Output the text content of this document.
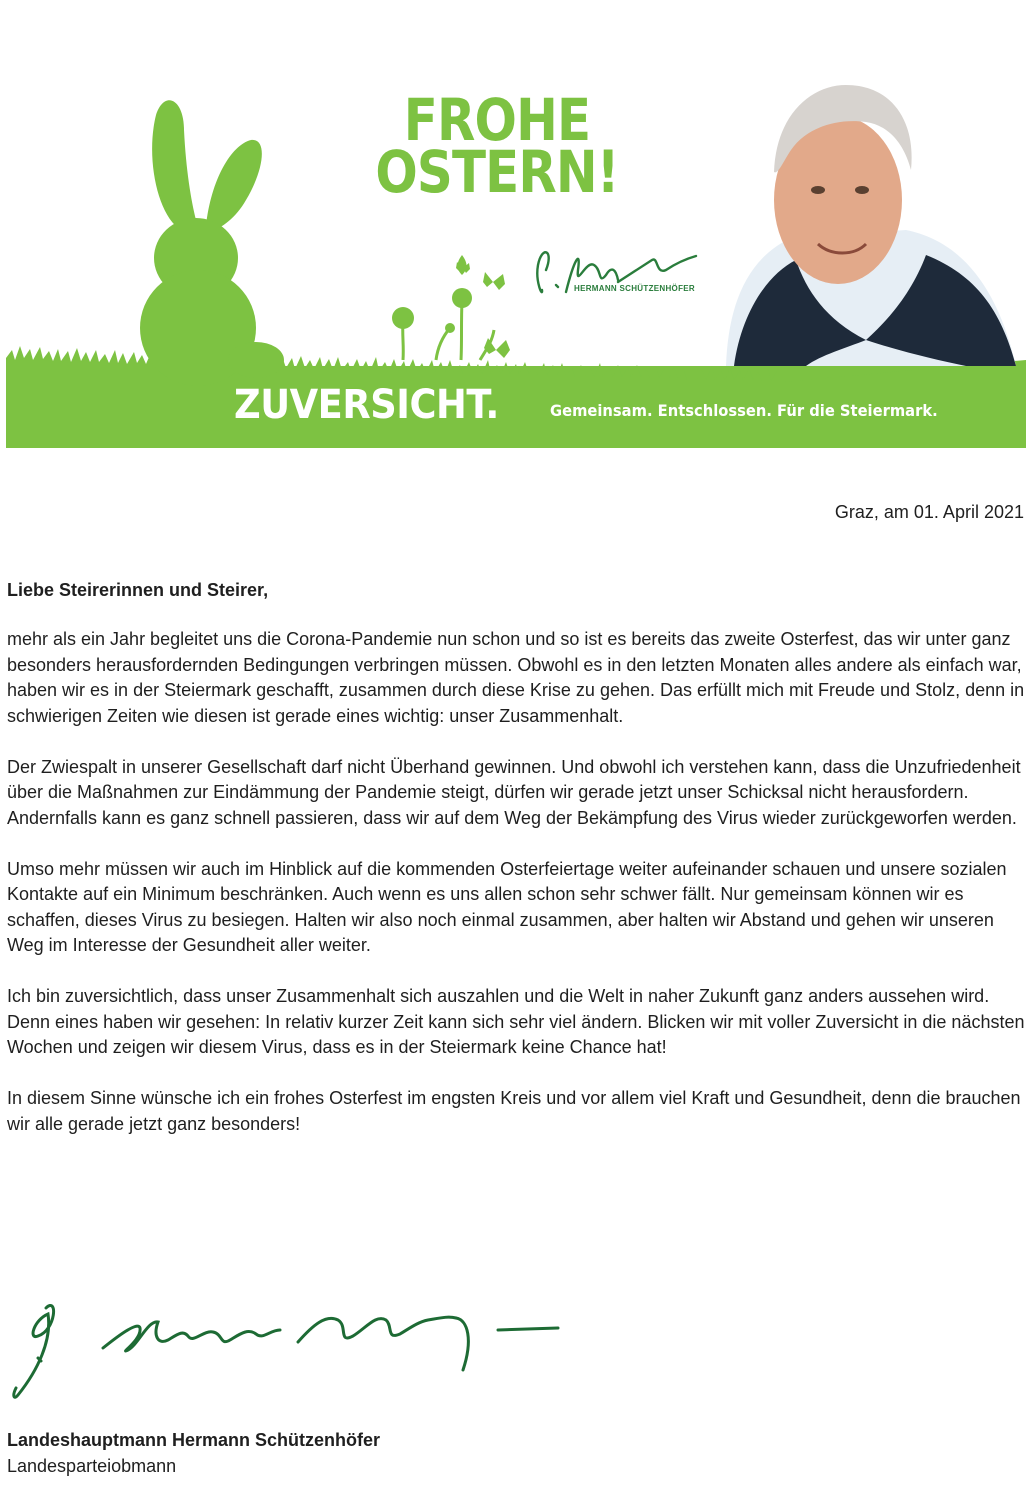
FROHE
OSTERN!
HERMANN SCHÜTZENHÖFER
ZUVERSICHT.	Gemeinsam. Entschlossen. Für die Steiermark.
Graz, am 01. April 2021
Liebe Steirerinnen und Steirer,

mehr als ein Jahr begleitet uns die Corona-Pandemie nun schon und so ist es bereits das zweite Osterfest, das wir unter ganz besonders herausfordernden Bedingungen verbringen müssen. Obwohl es in den letzten Monaten alles andere als einfach war, haben wir es in der Steiermark geschafft, zusammen durch diese Krise zu gehen. Das erfüllt mich mit Freude und Stolz, denn in schwierigen Zeiten wie diesen ist gerade eines wichtig: unser Zusammenhalt.

Der Zwiespalt in unserer Gesellschaft darf nicht Überhand gewinnen. Und obwohl ich verstehen kann, dass die Unzufriedenheit über die Maßnahmen zur Eindämmung der Pandemie steigt, dürfen wir gerade jetzt unser Schicksal nicht herausfordern. Andernfalls kann es ganz schnell passieren, dass wir auf dem Weg der Bekämpfung des Virus wieder zurückgeworfen werden.

Umso mehr müssen wir auch im Hinblick auf die kommenden Osterfeiertage weiter aufeinander schauen und unsere sozialen Kontakte auf ein Minimum beschränken. Auch wenn es uns allen schon sehr schwer fällt. Nur gemeinsam können wir es schaffen, dieses Virus zu besiegen. Halten wir also noch einmal zusammen, aber halten wir Abstand und gehen wir unseren Weg im Interesse der Gesundheit aller weiter.

Ich bin zuversichtlich, dass unser Zusammenhalt sich auszahlen und die Welt in naher Zukunft ganz anders aussehen wird. Denn eines haben wir gesehen: In relativ kurzer Zeit kann sich sehr viel ändern. Blicken wir mit voller Zuversicht in die nächsten Wochen und zeigen wir diesem Virus, dass es in der Steiermark keine Chance hat!

In diesem Sinne wünsche ich ein frohes Osterfest im engsten Kreis und vor allem viel Kraft und Gesundheit, denn die brauchen wir alle gerade jetzt ganz besonders!

Landeshauptmann Hermann Schützenhöfer
Landesparteiobmann
